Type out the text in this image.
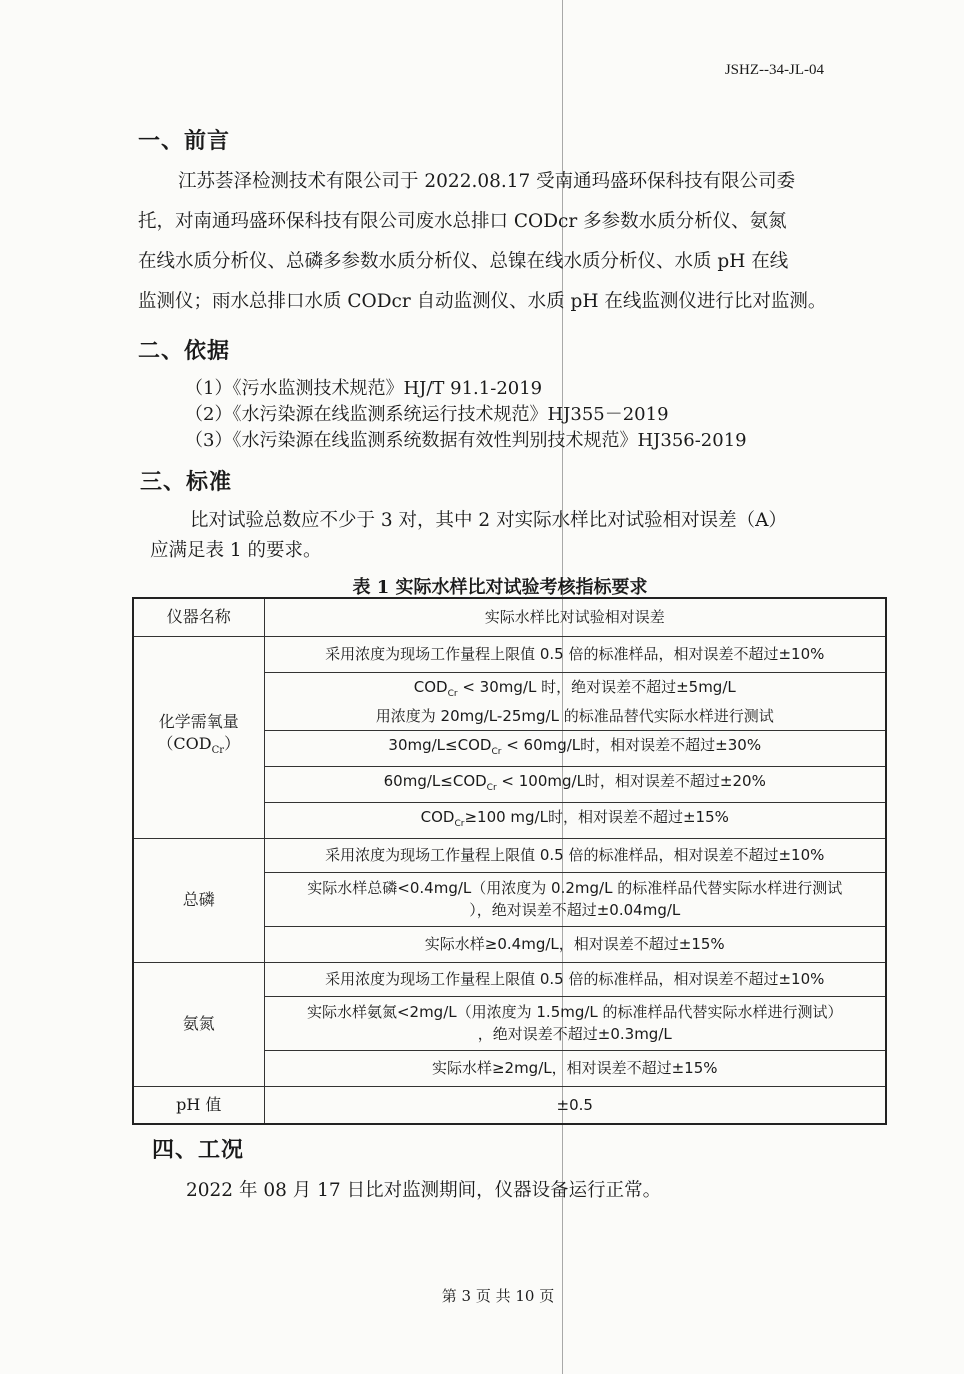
JSHZ--34-JL-04
一、前言
江苏荟泽检测技术有限公司于 2022.08.17 受南通玛盛环保科技有限公司委
托，对南通玛盛环保科技有限公司废水总排口 CODcr 多参数水质分析仪、氨氮
在线水质分析仪、总磷多参数水质分析仪、总镍在线水质分析仪、水质 pH 在线
监测仪；雨水总排口水质 CODcr 自动监测仪、水质 pH 在线监测仪进行比对监测。
二、依据
（1）《污水监测技术规范》HJ/T 91.1-2019
（2）《水污染源在线监测系统运行技术规范》HJ355－2019
（3）《水污染源在线监测系统数据有效性判别技术规范》HJ356-2019
三、标准
比对试验总数应不少于 3 对，其中 2 对实际水样比对试验相对误差（A）
应满足表 1 的要求。
表 1 实际水样比对试验考核指标要求
仪器名称	实际水样比对试验相对误差

化学需氧量
$(COD_{Cr})$	采用浓度为现场工作量程上限值 0.5 倍的标准样品，相对误差不超过±10%

	$COD_{Cr} < 30mg/L$ 时，绝对误差不超过±5mg/L
用浓度为 20mg/L-25mg/L 的标准品替代实际水样进行测试

	$30mg/L\le COD_{Cr} < 60mg/L$时，相对误差不超过±30%
	$60mg/L\le COD_{Cr} < 100mg/L$时，相对误差不超过±20%
	$COD_{Cr}\ge 100$ mg/L时，相对误差不超过±15%
总磷	采用浓度为现场工作量程上限值 0.5 倍的标准样品，相对误差不超过±10%

	实际水样总磷<0.4mg/L（用浓度为 0.2mg/L 的标准样品代替实际水样进行测试
），绝对误差不超过±0.04mg/L

	实际水样≥0.4mg/L，相对误差不超过±15%
氨氮	采用浓度为现场工作量程上限值 0.5 倍的标准样品，相对误差不超过±10%

	实际水样氨氮<2mg/L（用浓度为 1.5mg/L 的标准样品代替实际水样进行测试）
，绝对误差不超过±0.3mg/L

	实际水样≥2mg/L，相对误差不超过±15%
pH 值	±0.5
四、工况
2022 年 08 月 17 日比对监测期间，仪器设备运行正常。
第 3 页 共 10 页
